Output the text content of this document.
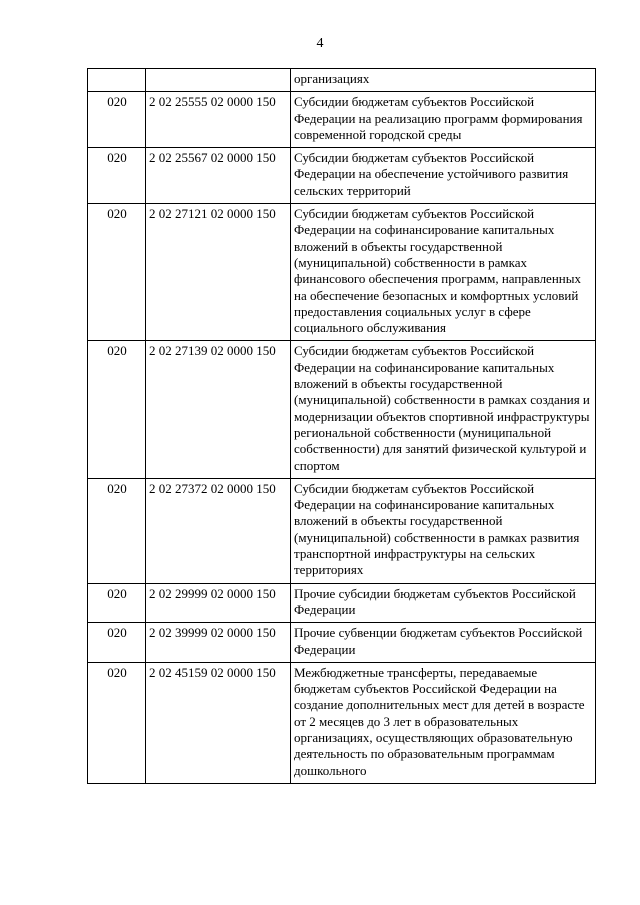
4
		организациях
020	2 02 25555 02 0000 150	Субсидии бюджетам субъектов Российской Федерации на реализацию программ формирования современной городской среды
020	2 02 25567 02 0000 150	Субсидии бюджетам субъектов Российской Федерации на обеспечение устойчивого развития сельских территорий
020	2 02 27121 02 0000 150	Субсидии бюджетам субъектов Российской Федерации на софинансирование капитальных вложений в объекты государственной (муниципальной) собственности в рамках финансового обеспечения программ, направленных на обеспечение безопасных и комфортных условий предоставления социальных услуг в сфере социального обслуживания
020	2 02 27139 02 0000 150	Субсидии бюджетам субъектов Российской Федерации на софинансирование капитальных вложений в объекты государственной (муниципальной) собственности в рамках создания и модернизации объектов спортивной инфраструктуры региональной собственности (муниципальной собственности) для занятий физической культурой и спортом
020	2 02 27372 02 0000 150	Субсидии бюджетам субъектов Российской Федерации на софинансирование капитальных вложений в объекты государственной (муниципальной) собственности в рамках развития транспортной инфраструктуры на сельских территориях
020	2 02 29999 02 0000 150	Прочие субсидии бюджетам субъектов Российской Федерации
020	2 02 39999 02 0000 150	Прочие субвенции бюджетам субъектов Российской Федерации
020	2 02 45159 02 0000 150	Межбюджетные трансферты, передаваемые бюджетам субъектов Российской Федерации на создание дополнительных мест для детей в возрасте от 2 месяцев до 3 лет в образовательных организациях, осуществляющих образовательную деятельность по образовательным программам дошкольного
